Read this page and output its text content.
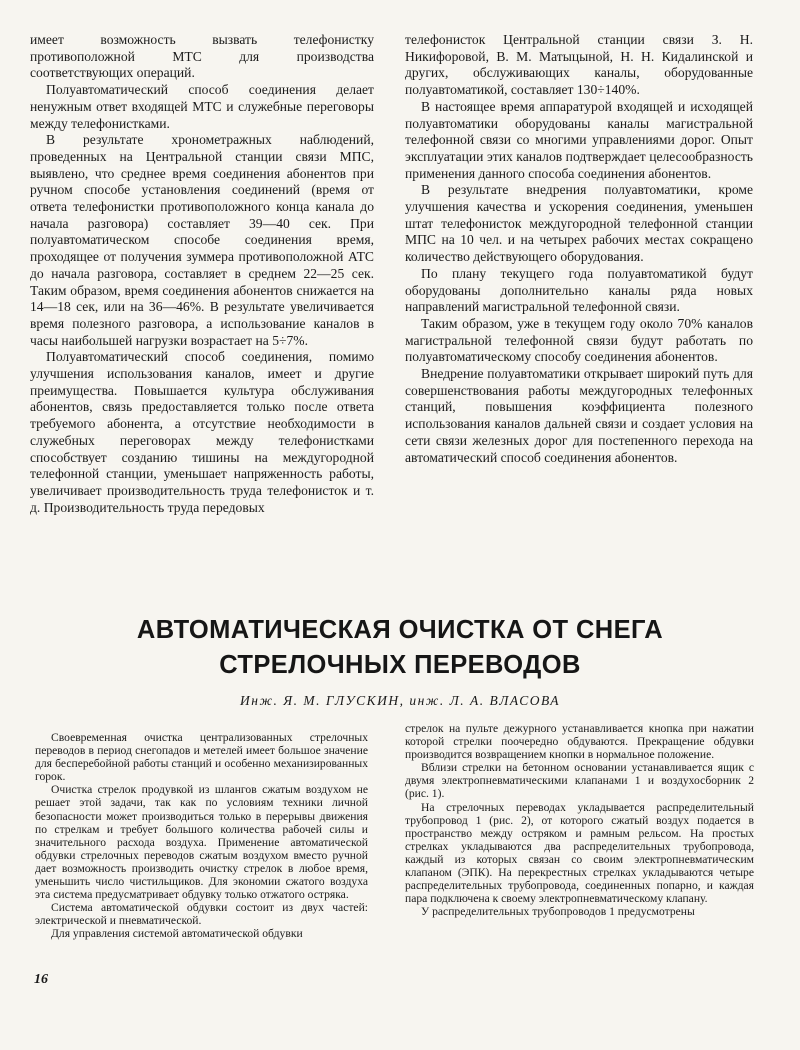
имеет возможность вызвать телефонистку противоположной МТС для производства соответствующих операций.

Полуавтоматический способ соединения делает ненужным ответ входящей МТС и служебные переговоры между телефонистками.

В результате хронометражных наблюдений, проведенных на Центральной станции связи МПС, выявлено, что среднее время соединения абонентов при ручном способе установления соединений (время от ответа телефонистки противоположного конца канала до начала разговора) составляет 39—40 сек. При полуавтоматическом способе соединения время, проходящее от получения зуммера противоположной АТС до начала разговора, составляет в среднем 22—25 сек. Таким образом, время соединения абонентов снижается на 14—18 сек, или на 36—46%. В результате увеличивается время полезного разговора, а использование каналов в часы наибольшей нагрузки возрастает на 5÷7%.

Полуавтоматический способ соединения, помимо улучшения использования каналов, имеет и другие преимущества. Повышается культура обслуживания абонентов, связь предоставляется только после ответа требуемого абонента, а отсутствие необходимости в служебных переговорах между телефонистками способствует созданию тишины на междугородной телефонной станции, уменьшает напряженность работы, увеличивает производительность труда телефонисток и т. д. Производительность труда передовых

телефонисток Центральной станции связи З. Н. Никифоровой, В. М. Матыцыной, Н. Н. Кидалинской и других, обслуживающих каналы, оборудованные полуавтоматикой, составляет 130÷140%.

В настоящее время аппаратурой входящей и исходящей полуавтоматики оборудованы каналы магистральной телефонной связи со многими управлениями дорог. Опыт эксплуатации этих каналов подтверждает целесообразность применения данного способа соединения абонентов.

В результате внедрения полуавтоматики, кроме улучшения качества и ускорения соединения, уменьшен штат телефонисток междугородной телефонной станции МПС на 10 чел. и на четырех рабочих местах сокращено количество действующего оборудования.

По плану текущего года полуавтоматикой будут оборудованы дополнительно каналы ряда новых направлений магистральной телефонной связи.

Таким образом, уже в текущем году около 70% каналов магистральной телефонной связи будут работать по полуавтоматическому способу соединения абонентов.

Внедрение полуавтоматики открывает широкий путь для совершенствования работы междугородных телефонных станций, повышения коэффициента полезного использования каналов дальней связи и создает условия на сети связи железных дорог для постепенного перехода на автоматический способ соединения абонентов.

АВТОМАТИЧЕСКАЯ ОЧИСТКА ОТ СНЕГА
СТРЕЛОЧНЫХ ПЕРЕВОДОВ
Инж. Я. М. ГЛУСКИН, инж. Л. А. ВЛАСОВА

Своевременная очистка централизованных стрелочных переводов в период снегопадов и метелей имеет большое значение для бесперебойной работы станций и особенно механизированных горок.

Очистка стрелок продувкой из шлангов сжатым воздухом не решает этой задачи, так как по условиям техники личной безопасности может производиться только в перерывы движения по стрелкам и требует большого количества рабочей силы и значительного расхода воздуха. Применение автоматической обдувки стрелочных переводов сжатым воздухом вместо ручной дает возможность производить очистку стрелок в любое время, уменьшить число чистильщиков. Для экономии сжатого воздуха эта система предусматривает обдувку только отжатого остряка.

Система автоматической обдувки состоит из двух частей: электрической и пневматической.

Для управления системой автоматической обдувки

стрелок на пульте дежурного устанавливается кнопка при нажатии которой стрелки поочередно обдуваются. Прекращение обдувки производится возвращением кнопки в нормальное положение.

Вблизи стрелки на бетонном основании устанавливается ящик с двумя электропневматическими клапанами 1 и воздухосборник 2 (рис. 1).

На стрелочных переводах укладывается распределительный трубопровод 1 (рис. 2), от которого сжатый воздух подается в пространство между остряком и рамным рельсом. На простых стрелках укладываются два распределительных трубопровода, каждый из которых связан со своим электропневматическим клапаном (ЭПК). На перекрестных стрелках укладываются четыре распределительных трубопровода, соединенных попарно, и каждая пара подключена к своему электропневматическому клапану.

У распределительных трубопроводов 1 предусмотрены

16
